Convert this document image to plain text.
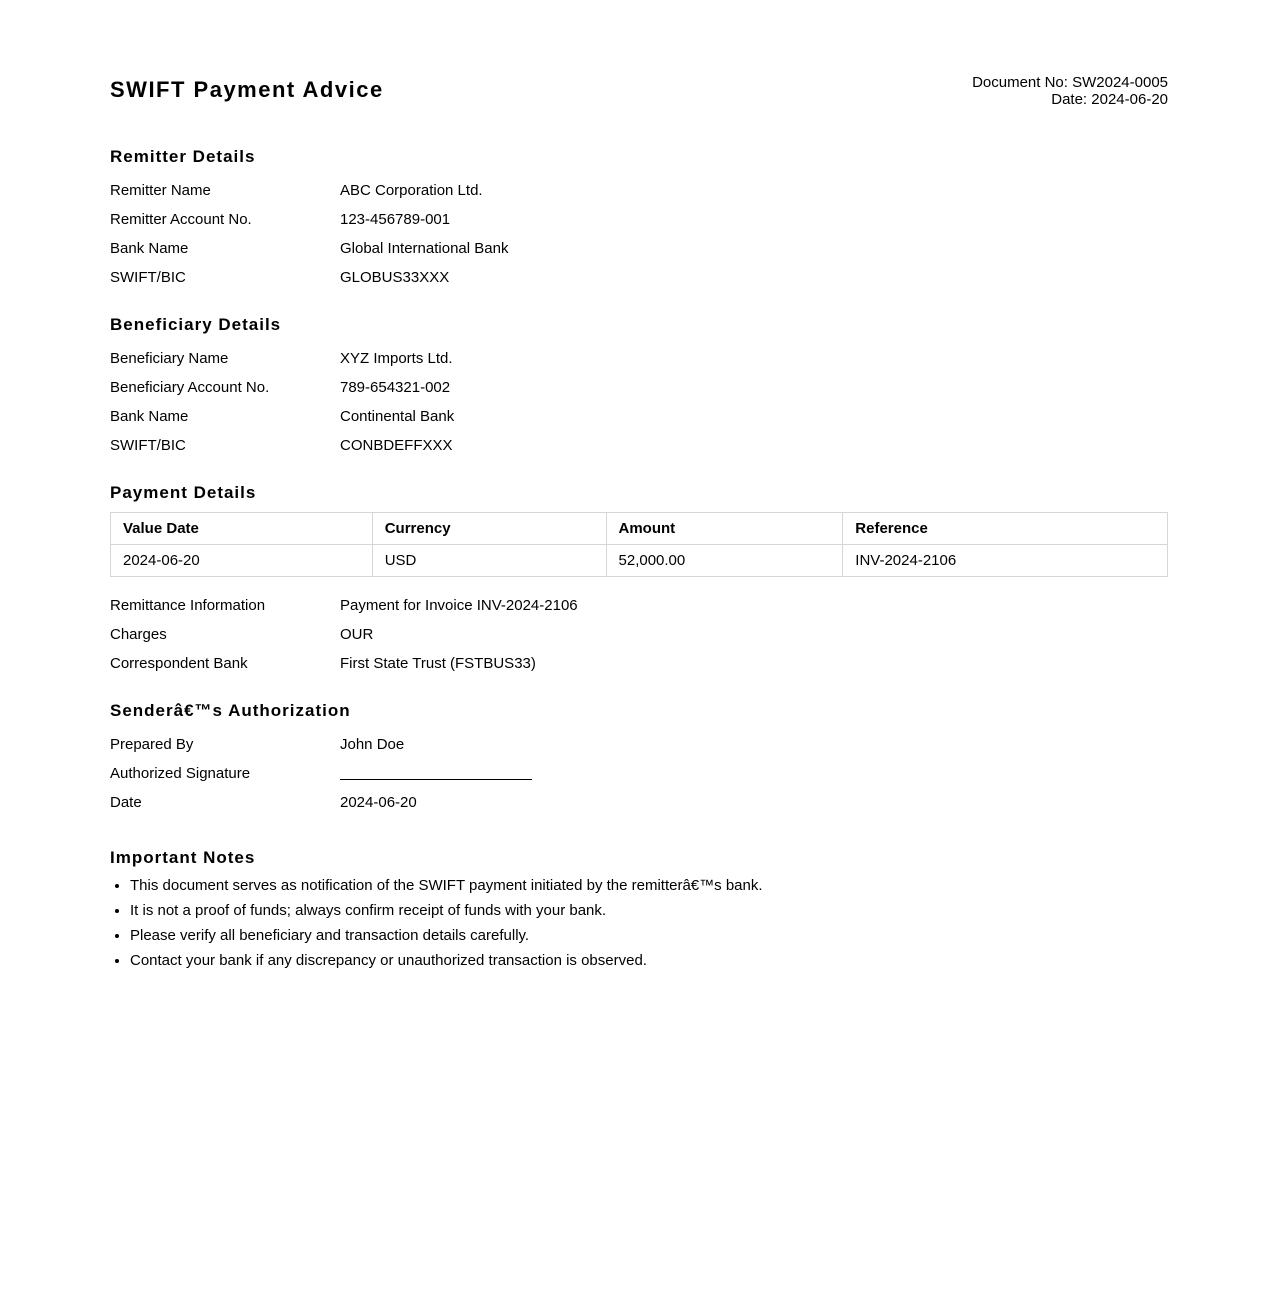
SWIFT Payment Advice	Document No: SW2024-0005
Date: 2024-06-20
Remitter Details
Remitter Name	ABC Corporation Ltd.
Remitter Account No.	123-456789-001
Bank Name	Global International Bank
SWIFT/BIC	GLOBUS33XXX
Beneficiary Details
Beneficiary Name	XYZ Imports Ltd.
Beneficiary Account No.	789-654321-002
Bank Name	Continental Bank
SWIFT/BIC	CONBDEFFXXX
Payment Details
Value Date	Currency	Amount	Reference
2024-06-20	USD	52,000.00	INV-2024-2106
Remittance Information	Payment for Invoice INV-2024-2106
Charges	OUR
Correspondent Bank	First State Trust (FSTBUS33)
Senderâ€™s Authorization
Prepared By	John Doe
Authorized Signature
Date	2024-06-20
Important Notes
• This document serves as notification of the SWIFT payment initiated by the remitterâ€™s bank.
• It is not a proof of funds; always confirm receipt of funds with your bank.
• Please verify all beneficiary and transaction details carefully.
• Contact your bank if any discrepancy or unauthorized transaction is observed.
